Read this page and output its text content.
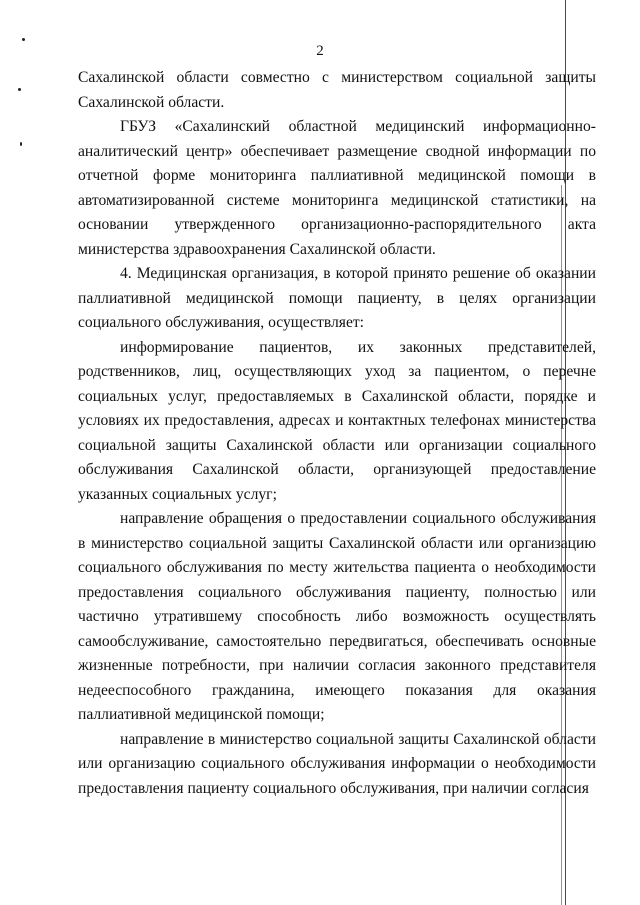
2

Сахалинской области совместно с министерством социальной защиты Сахалинской области.

ГБУЗ «Сахалинский областной медицинский информационно-аналитический центр» обеспечивает размещение сводной информации по отчетной форме мониторинга паллиативной медицинской помощи в автоматизированной системе мониторинга медицинской статистики, на основании утвержденного организационно-распорядительного акта министерства здравоохранения Сахалинской области.

4. Медицинская организация, в которой принято решение об оказании паллиативной медицинской помощи пациенту, в целях организации социального обслуживания, осуществляет:

информирование пациентов, их законных представителей, родственников, лиц, осуществляющих уход за пациентом, о перечне социальных услуг, предоставляемых в Сахалинской области, порядке и условиях их предоставления, адресах и контактных телефонах министерства социальной защиты Сахалинской области или организации социального обслуживания Сахалинской области, организующей предоставление указанных социальных услуг;

направление обращения о предоставлении социального обслуживания в министерство социальной защиты Сахалинской области или организацию социального обслуживания по месту жительства пациента о необходимости предоставления социального обслуживания пациенту, полностью или частично утратившему способность либо возможность осуществлять самообслуживание, самостоятельно передвигаться, обеспечивать основные жизненные потребности, при наличии согласия законного представителя недееспособного гражданина, имеющего показания для оказания паллиативной медицинской помощи;

направление в министерство социальной защиты Сахалинской области или организацию социального обслуживания информации о необходимости предоставления пациенту социального обслуживания, при наличии согласия
